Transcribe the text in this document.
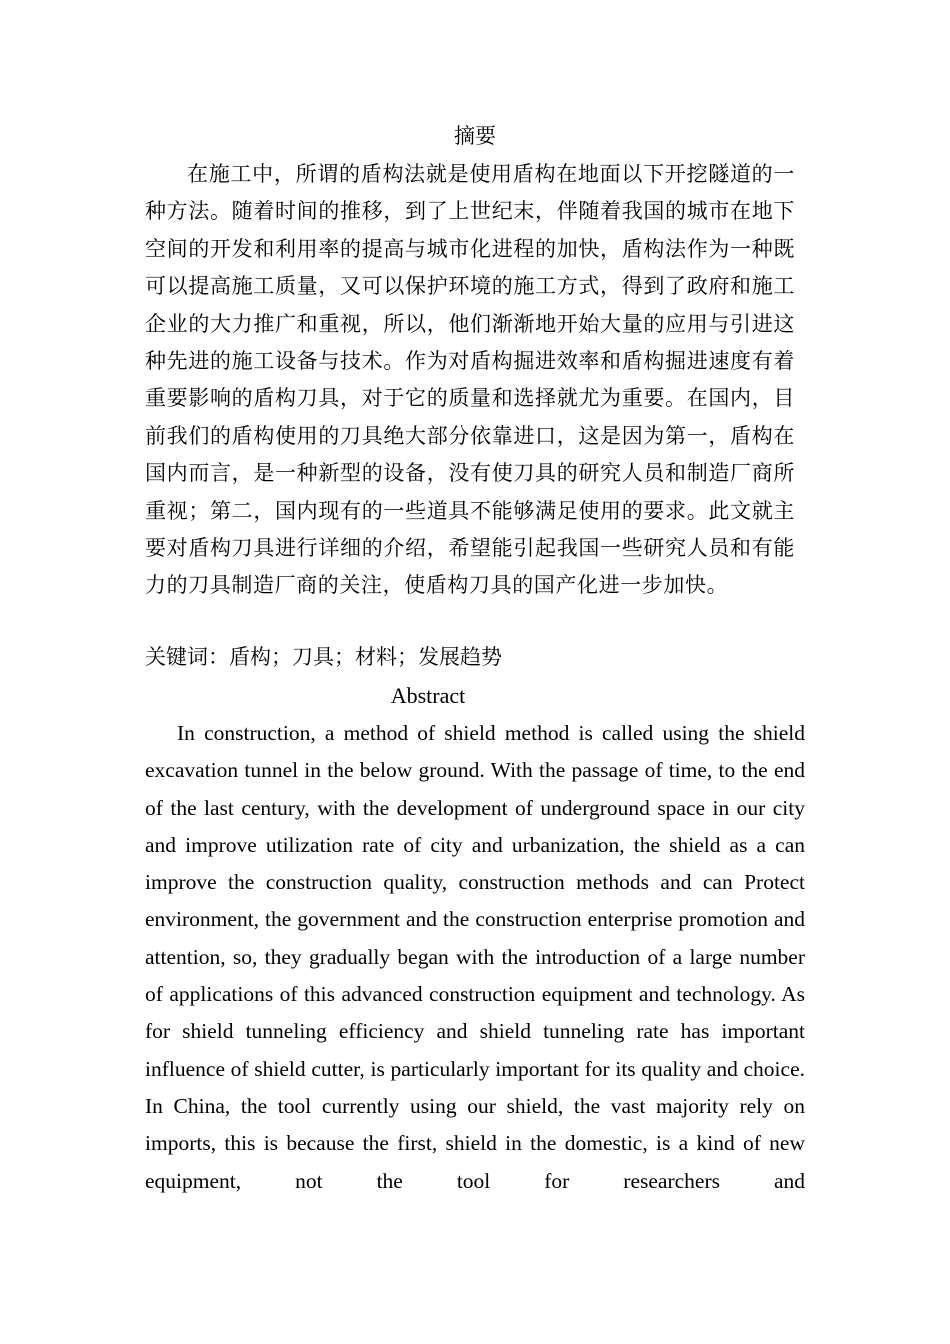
摘要

在施工中，所谓的盾构法就是使用盾构在地面以下开挖隧道的一种方法。随着时间的推移，到了上世纪末，伴随着我国的城市在地下空间的开发和利用率的提高与城市化进程的加快，盾构法作为一种既可以提高施工质量，又可以保护环境的施工方式，得到了政府和施工企业的大力推广和重视，所以，他们渐渐地开始大量的应用与引进这种先进的施工设备与技术。作为对盾构掘进效率和盾构掘进速度有着重要影响的盾构刀具，对于它的质量和选择就尤为重要。在国内，目前我们的盾构使用的刀具绝大部分依靠进口，这是因为第一，盾构在国内而言，是一种新型的设备，没有使刀具的研究人员和制造厂商所重视；第二，国内现有的一些道具不能够满足使用的要求。此文就主要对盾构刀具进行详细的介绍，希望能引起我国一些研究人员和有能力的刀具制造厂商的关注，使盾构刀具的国产化进一步加快。

关键词：盾构；刀具；材料；发展趋势
Abstract

In construction, a method of shield method is called using the shield excavation tunnel in the below ground. With the passage of time, to the end of the last century, with the development of underground space in our city and improve utilization rate of city and urbanization, the shield as a can improve the construction quality, construction methods and can Protect environment, the government and the construction enterprise promotion and attention, so, they gradually began with the introduction of a large number of applications of this advanced construction equipment and technology. As for shield tunneling efficiency and shield tunneling rate has important influence of shield cutter, is particularly important for its quality and choice. In China, the tool currently using our shield, the vast majority rely on imports, this is because the first, shield in the domestic, is a kind of new equipment, not the tool for researchers and
